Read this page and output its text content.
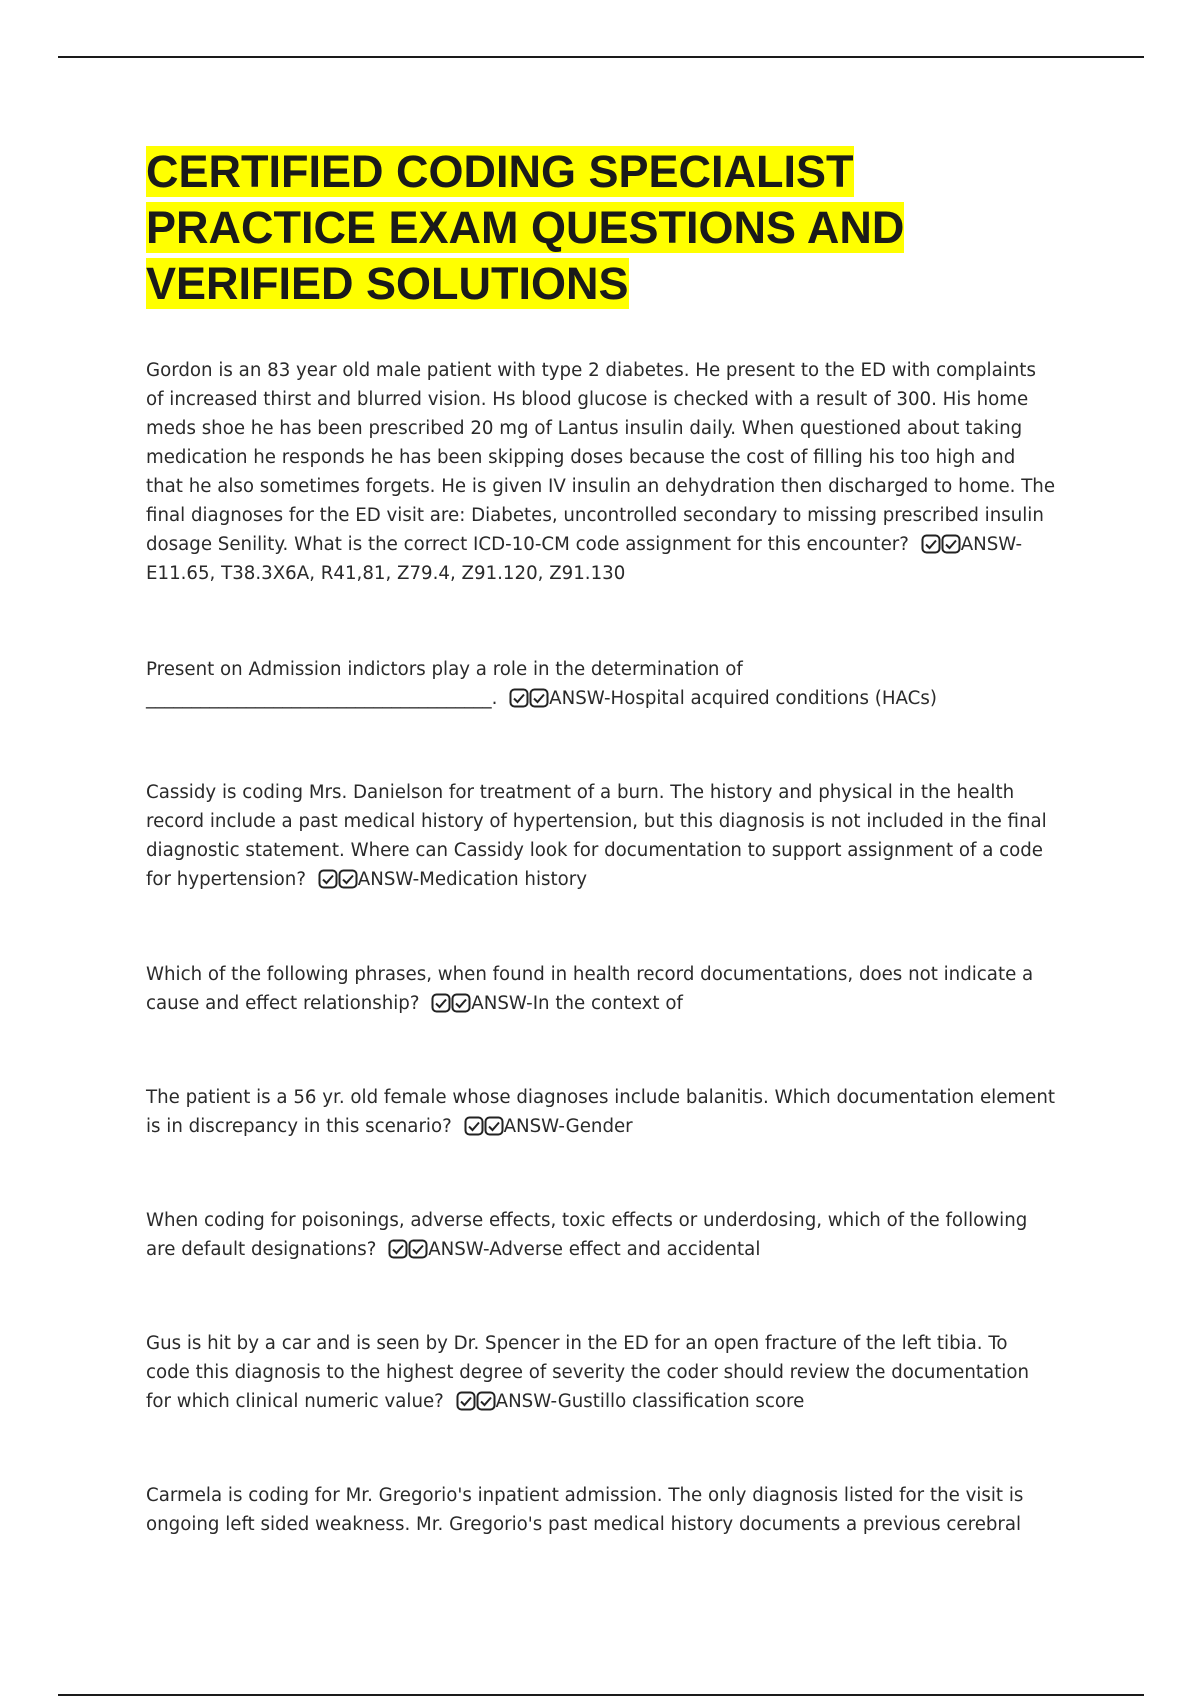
CERTIFIED CODING SPECIALIST
PRACTICE EXAM QUESTIONS AND
VERIFIED SOLUTIONS
Gordon is an 83 year old male patient with type 2 diabetes. He present to the ED with complaints of increased thirst and blurred vision. Hs blood glucose is checked with a result of 300. His home meds shoe he has been prescribed 20 mg of Lantus insulin daily. When questioned about taking medication he responds he has been skipping doses because the cost of filling his too high and that he also sometimes forgets. He is given IV insulin an dehydration then discharged to home. The final diagnoses for the ED visit are: Diabetes, uncontrolled secondary to missing prescribed insulin dosage Senility. What is the correct ICD-10-CM code assignment for this encounter?	ANSW-E11.65, T38.3X6A, R41,81, Z79.4, Z91.120, Z91.130
Present on Admission indictors play a role in the determination of ______________________________________.	ANSW-Hospital acquired conditions (HACs)
Cassidy is coding Mrs. Danielson for treatment of a burn. The history and physical in the health record include a past medical history of hypertension, but this diagnosis is not included in the final diagnostic statement. Where can Cassidy look for documentation to support assignment of a code for hypertension?	ANSW-Medication history
Which of the following phrases, when found in health record documentations, does not indicate a cause and effect relationship?	ANSW-In the context of
The patient is a 56 yr. old female whose diagnoses include balanitis. Which documentation element is in discrepancy in this scenario?	ANSW-Gender
When coding for poisonings, adverse effects, toxic effects or underdosing, which of the following are default designations?	ANSW-Adverse effect and accidental
Gus is hit by a car and is seen by Dr. Spencer in the ED for an open fracture of the left tibia. To code this diagnosis to the highest degree of severity the coder should review the documentation for which clinical numeric value?	ANSW-Gustillo classification score
Carmela is coding for Mr. Gregorio's inpatient admission. The only diagnosis listed for the visit is ongoing left sided weakness. Mr. Gregorio's past medical history documents a previous cerebral
